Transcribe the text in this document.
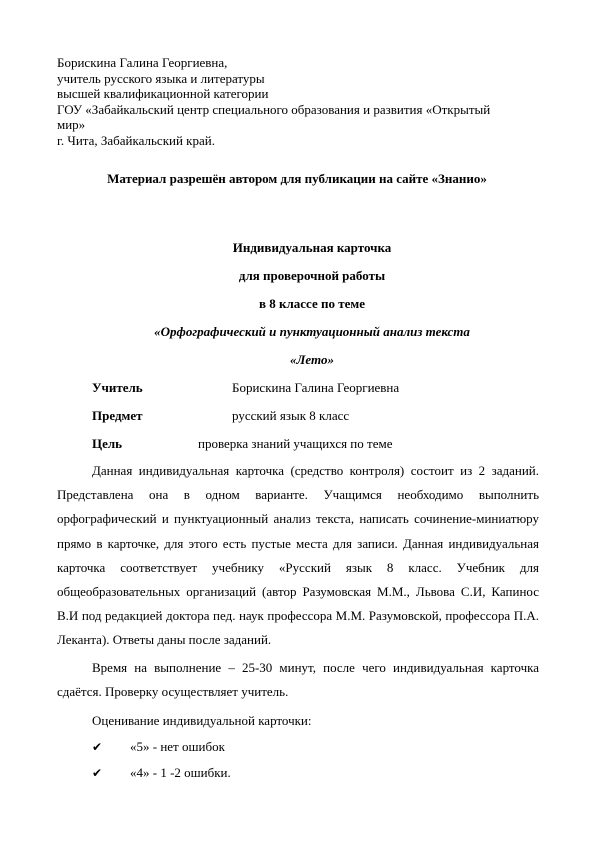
Борискина Галина Георгиевна,
учитель русского языка и литературы
высшей квалификационной категории
ГОУ «Забайкальский центр специального образования и развития «Открытый
мир»
г. Чита, Забайкальский край.
Материал разрешён автором для публикации на сайте «Знанио»
Индивидуальная карточка
для проверочной работы
в 8 классе по теме
«Орфографический и пунктуационный анализ текста
«Лето»
Учитель	Борискина Галина Георгиевна
Предмет	русский язык 8 класс
Цель	проверка знаний учащихся по теме
Данная индивидуальная карточка (средство контроля) состоит из 2 заданий. Представлена она в одном варианте. Учащимся необходимо выполнить орфографический и пунктуационный анализ текста, написать сочинение-миниатюру прямо в карточке, для этого есть пустые места для записи. Данная индивидуальная карточка соответствует учебнику «Русский язык 8 класс. Учебник для общеобразовательных организаций (автор Разумовская М.М., Львова С.И, Капинос В.И под редакцией доктора пед. наук профессора М.М. Разумовской, профессора П.А. Леканта). Ответы даны после заданий.
Время на выполнение – 25-30 минут, после чего индивидуальная карточка сдаётся. Проверку осуществляет учитель.
Оценивание индивидуальной карточки:
✔ «5» - нет ошибок
✔ «4» - 1 -2 ошибки.
